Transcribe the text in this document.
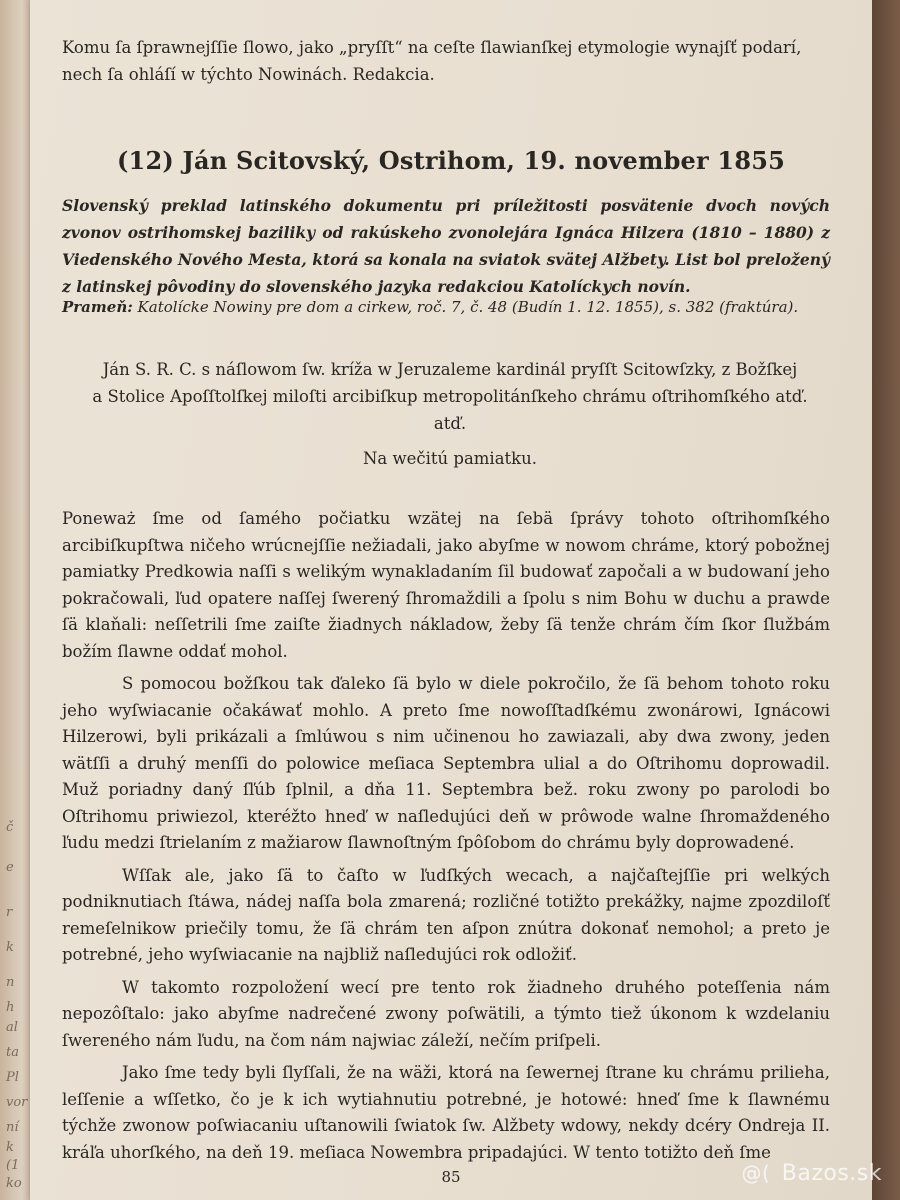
č
e
r
k
n
h
al
ta
Pl
vor
ní
k
(1
ko
Komu ſa ſprawnejſſie ſlowo, jako „pryſſt“ na ceſte ſlawianſkej etymologie wynajſť podarí, nech ſa ohláſí w týchto Nowinách. Redakcia.
(12) Ján Scitovský, Ostrihom, 19. november 1855
Slovenský preklad latinského dokumentu pri príležitosti posvätenie dvoch nových zvonov ostrihomskej baziliky od rakúskeho zvonolejára Ignáca Hilzera (1810 – 1880) z Viedenského Nového Mesta, ktorá sa konala na sviatok svätej Alžbety. List bol preložený z latinskej pôvodiny do slovenského jazyka redakciou Katolíckych novín.
Prameň: Katolícke Nowiny pre dom a cirkew, roč. 7, č. 48 (Budín 1. 12. 1855), s. 382 (fraktúra).
Ján S. R. C. s náſlowom ſw. kríža w Jeruzaleme kardinál pryſſt Scitowſzky, z Božſkej
a Stolice Apoſſtolſkej miloſti arcibiſkup metropolitánſkeho chrámu oſtrihomſkého atď.
atď.
Na wečitú pamiatku.

Poneważ ſme od ſamého počiatku wzätej na ſebä ſprávy tohoto oſtrihomſkého arcibiſkupſtwa ničeho wrúcnejſſie nežiadali, jako abyſme w nowom chráme, ktorý pobožnej pamiatky Predkowia naſſi s welikým wynakladaním ſil budowať započali a w budowaní jeho pokračowali, ľud opatere naſſej ſwerený ſhromaždili a ſpolu s nim Bohu w duchu a prawde ſä klaňali: neſſetrili ſme zaiſte žiadnych nákladow, žeby ſä tenže chrám čím ſkor ſlužbám božím ſlawne oddať mohol.

S pomocou božſkou tak ďaleko ſä bylo w diele pokročilo, že ſä behom tohoto roku jeho wyſwiacanie očakáwať mohlo. A preto ſme nowoſſtadſkému zwonárowi, Ignácowi Hilzerowi, byli prikázali a ſmlúwou s nim učinenou ho zawiazali, aby dwa zwony, jeden wätſſi a druhý menſſi do polowice meſiaca Septembra ulial a do Oſtrihomu doprowadil. Muž poriadny daný ſľúb ſplnil, a dňa 11. Septembra bež. roku zwony po parolodi bo Oſtrihomu priwiezol, kteréžto hneď w naſledujúci deň w prôwode walne ſhromaždeného ľudu medzi ſtrielaním z mažiarow ſlawnoſtným ſpôſobom do chrámu byly doprowadené.

Wſſak ale, jako ſä to čaſto w ľudſkých wecach, a najčaſtejſſie pri welkých podniknutiach ſtáwa, nádej naſſa bola zmarená; rozličné totižto prekážky, najme zpozdiloſť remeſelnikow priečily tomu, že ſä chrám ten aſpon znútra dokonať nemohol; a preto je potrebné, jeho wyſwiacanie na najbliž naſledujúci rok odložiť.

W takomto rozpoložení wecí pre tento rok žiadneho druhého poteſſenia nám nepozôſtalo: jako abyſme nadrečené zwony poſwätili, a týmto tiež úkonom k wzdelaniu ſwereného nám ľudu, na čom nám najwiac záleží, nečím priſpeli.

Jako ſme tedy byli ſlyſſali, že na wäži, ktorá na ſewernej ſtrane ku chrámu prilieha, leſſenie a wſſetko, čo je k ich wytiahnutiu potrebné, je hotowé: hneď ſme k ſlawnému týchže zwonow poſwiacaniu uſtanowili ſwiatok ſw. Alžbety wdowy, nekdy dcéry Ondreja II. kráľa uhorſkého, na deň 19. meſiaca Nowembra pripadajúci. W tento totižto deň ſme

85	@( Bazos.sk
